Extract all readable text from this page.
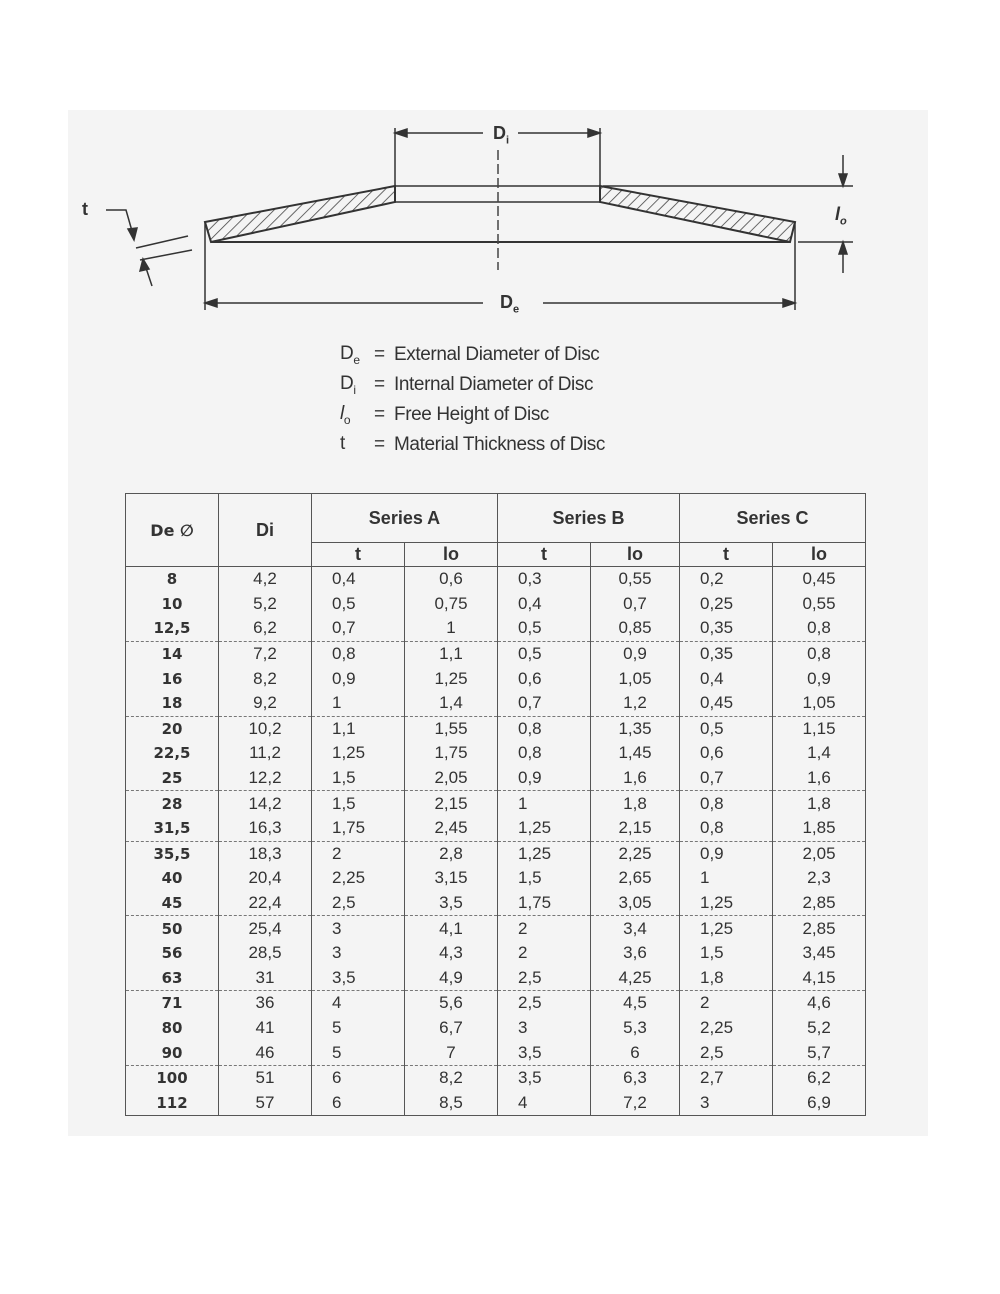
$D_i$
$D_e$
$l_o$
t
$D_e$ = External Diameter of Disc
$D_i$ = Internal Diameter of Disc
$l_o$	= Free Height of Disc
t	= Material Thickness of Disc
De ∅	Di	Series A		Series B		Series C	
		t	lo	t	lo	t	lo
8	4,2	0,4	0,6	0,3	0,55	0,2	0,45
10	5,2	0,5	0,75	0,4	0,7	0,25	0,55
12,5	6,2	0,7	1	0,5	0,85	0,35	0,8
14	7,2	0,8	1,1	0,5	0,9	0,35	0,8
16	8,2	0,9	1,25	0,6	1,05	0,4	0,9
18	9,2	1	1,4	0,7	1,2	0,45	1,05
20	10,2	1,1	1,55	0,8	1,35	0,5	1,15
22,5	11,2	1,25	1,75	0,8	1,45	0,6	1,4
25	12,2	1,5	2,05	0,9	1,6	0,7	1,6
28	14,2	1,5	2,15	1	1,8	0,8	1,8
31,5	16,3	1,75	2,45	1,25	2,15	0,8	1,85
35,5	18,3	2	2,8	1,25	2,25	0,9	2,05
40	20,4	2,25	3,15	1,5	2,65	1	2,3
45	22,4	2,5	3,5	1,75	3,05	1,25	2,85
50	25,4	3	4,1	2	3,4	1,25	2,85
56	28,5	3	4,3	2	3,6	1,5	3,45
63	31	3,5	4,9	2,5	4,25	1,8	4,15
71	36	4	5,6	2,5	4,5	2	4,6
80	41	5	6,7	3	5,3	2,25	5,2
90	46	5	7	3,5	6	2,5	5,7
100	51	6	8,2	3,5	6,3	2,7	6,2
112	57	6	8,5	4	7,2	3	6,9
